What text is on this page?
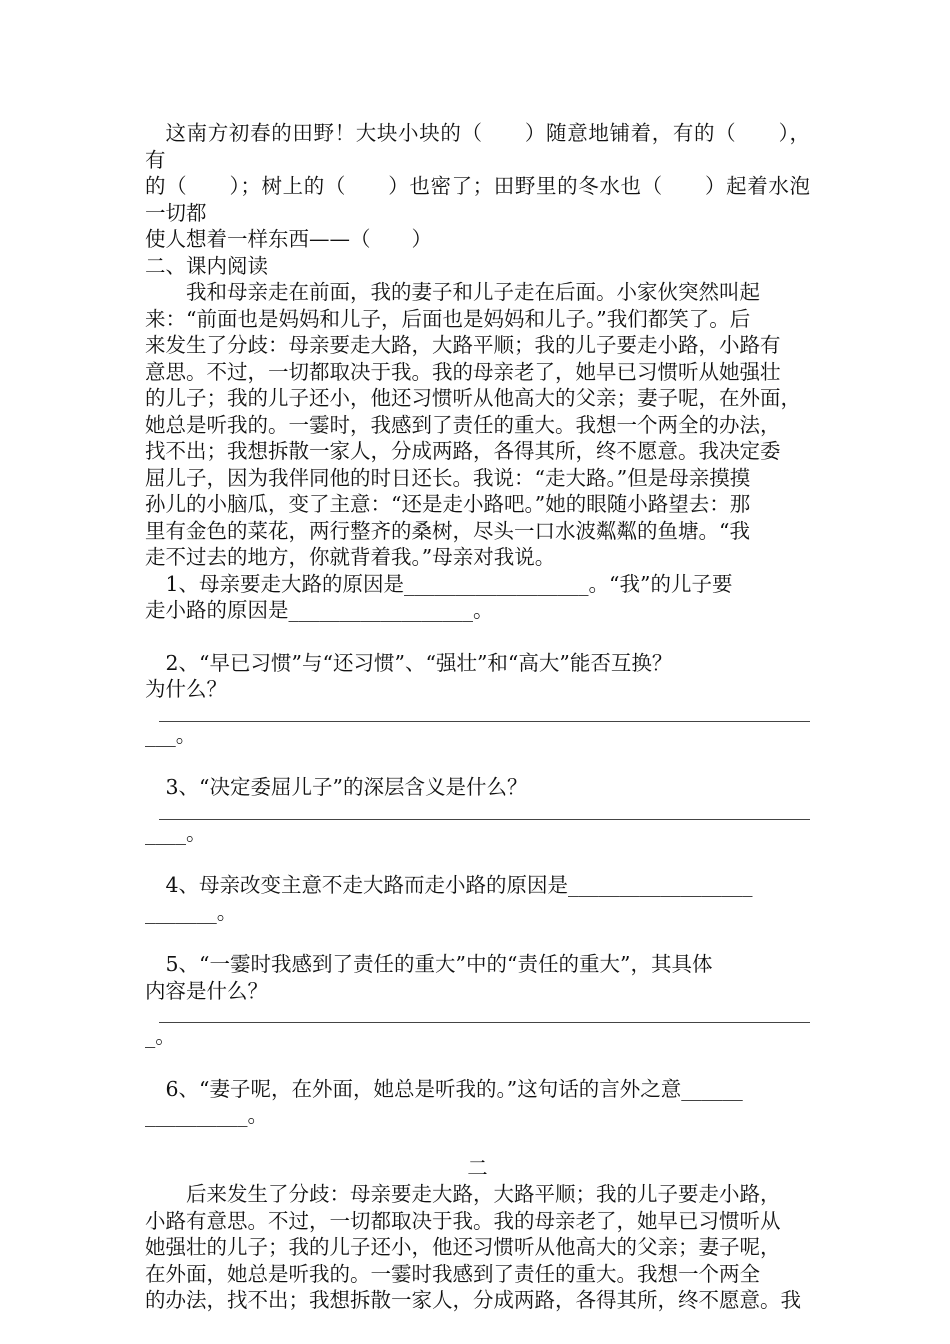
这南方初春的田野！大块小块的（　　）随意地铺着，有的（　　），有
的（　　）；树上的（　　）也密了；田野里的冬水也（　　）起着水泡一切都
使人想着一样东西——（　　）
二、课内阅读
我和母亲走在前面，我的妻子和儿子走在后面。小家伙突然叫起
来：“前面也是妈妈和儿子，后面也是妈妈和儿子。”我们都笑了。后
来发生了分歧：母亲要走大路，大路平顺；我的儿子要走小路，小路有
意思。不过，一切都取决于我。我的母亲老了，她早已习惯听从她强壮
的儿子；我的儿子还小，他还习惯听从他高大的父亲；妻子呢，在外面，
她总是听我的。一霎时，我感到了责任的重大。我想一个两全的办法，
找不出；我想拆散一家人，分成两路，各得其所，终不愿意。我决定委
屈儿子，因为我伴同他的时日还长。我说：“走大路。”但是母亲摸摸
孙儿的小脑瓜，变了主意：“还是走小路吧。”她的眼随小路望去：那
里有金色的菜花，两行整齐的桑树，尽头一口水波粼粼的鱼塘。“我
走不过去的地方，你就背着我。”母亲对我说。
1、母亲要走大路的原因是__________________。“我”的儿子要
走小路的原因是__________________。
2、“早已习惯”与“还习惯”、“强壮”和“高大”能否互换？
为什么？
___。
3、“决定委屈儿子”的深层含义是什么？
____。
4、母亲改变主意不走大路而走小路的原因是__________________
_______。
5、“一霎时我感到了责任的重大”中的“责任的重大”，其具体
内容是什么？
_。
6、“妻子呢，在外面，她总是听我的。”这句话的言外之意______
__________。
二
后来发生了分歧：母亲要走大路，大路平顺；我的儿子要走小路，
小路有意思。不过，一切都取决于我。我的母亲老了，她早已习惯听从
她强壮的儿子；我的儿子还小，他还习惯听从他高大的父亲；妻子呢，
在外面，她总是听我的。一霎时我感到了责任的重大。我想一个两全
的办法，找不出；我想拆散一家人，分成两路，各得其所，终不愿意。我
